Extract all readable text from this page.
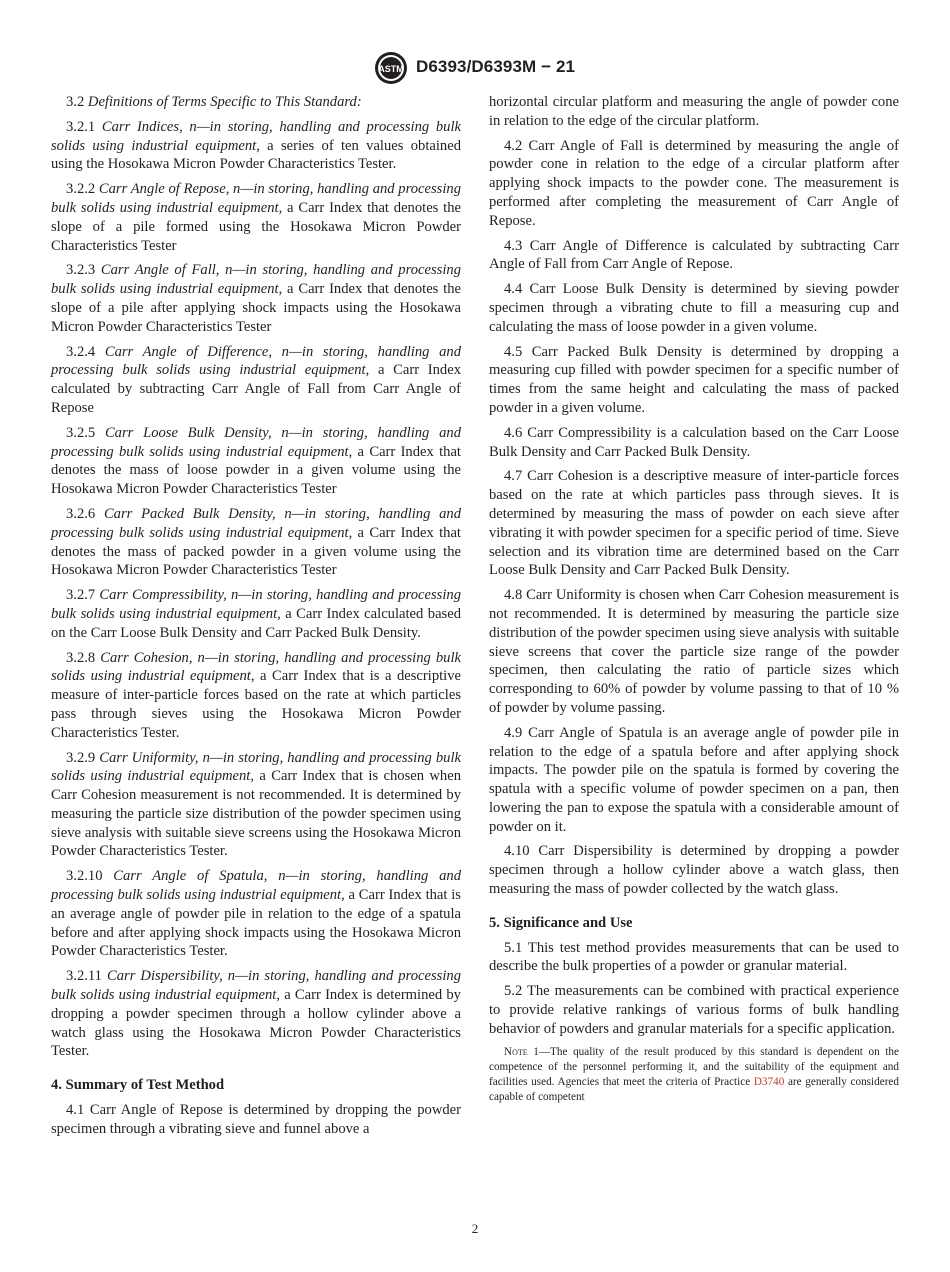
ASTM D6393/D6393M − 21

3.2 Definitions of Terms Specific to This Standard:

3.2.1 Carr Indices, n—in storing, handling and processing bulk solids using industrial equipment, a series of ten values obtained using the Hosokawa Micron Powder Characteristics Tester.

3.2.2 Carr Angle of Repose, n—in storing, handling and processing bulk solids using industrial equipment, a Carr Index that denotes the slope of a pile formed using the Hosokawa Micron Powder Characteristics Tester

3.2.3 Carr Angle of Fall, n—in storing, handling and processing bulk solids using industrial equipment, a Carr Index that denotes the slope of a pile after applying shock impacts using the Hosokawa Micron Powder Characteristics Tester

3.2.4 Carr Angle of Difference, n—in storing, handling and processing bulk solids using industrial equipment, a Carr Index calculated by subtracting Carr Angle of Fall from Carr Angle of Repose

3.2.5 Carr Loose Bulk Density, n—in storing, handling and processing bulk solids using industrial equipment, a Carr Index that denotes the mass of loose powder in a given volume using the Hosokawa Micron Powder Characteristics Tester

3.2.6 Carr Packed Bulk Density, n—in storing, handling and processing bulk solids using industrial equipment, a Carr Index that denotes the mass of packed powder in a given volume using the Hosokawa Micron Powder Characteristics Tester

3.2.7 Carr Compressibility, n—in storing, handling and processing bulk solids using industrial equipment, a Carr Index calculated based on the Carr Loose Bulk Density and Carr Packed Bulk Density.

3.2.8 Carr Cohesion, n—in storing, handling and processing bulk solids using industrial equipment, a Carr Index that is a descriptive measure of inter-particle forces based on the rate at which particles pass through sieves using the Hosokawa Micron Powder Characteristics Tester.

3.2.9 Carr Uniformity, n—in storing, handling and processing bulk solids using industrial equipment, a Carr Index that is chosen when Carr Cohesion measurement is not recommended. It is determined by measuring the particle size distribution of the powder specimen using sieve analysis with suitable sieve screens using the Hosokawa Micron Powder Characteristics Tester.

3.2.10 Carr Angle of Spatula, n—in storing, handling and processing bulk solids using industrial equipment, a Carr Index that is an average angle of powder pile in relation to the edge of a spatula before and after applying shock impacts using the Hosokawa Micron Powder Characteristics Tester.

3.2.11 Carr Dispersibility, n—in storing, handling and processing bulk solids using industrial equipment, a Carr Index is determined by dropping a powder specimen through a hollow cylinder above a watch glass using the Hosokawa Micron Powder Characteristics Tester.

4. Summary of Test Method

4.1 Carr Angle of Repose is determined by dropping the powder specimen through a vibrating sieve and funnel above a

horizontal circular platform and measuring the angle of powder cone in relation to the edge of the circular platform.

4.2 Carr Angle of Fall is determined by measuring the angle of powder cone in relation to the edge of a circular platform after applying shock impacts to the powder cone. The measurement is performed after completing the measurement of Carr Angle of Repose.

4.3 Carr Angle of Difference is calculated by subtracting Carr Angle of Fall from Carr Angle of Repose.

4.4 Carr Loose Bulk Density is determined by sieving powder specimen through a vibrating chute to fill a measuring cup and calculating the mass of loose powder in a given volume.

4.5 Carr Packed Bulk Density is determined by dropping a measuring cup filled with powder specimen for a specific number of times from the same height and calculating the mass of packed powder in a given volume.

4.6 Carr Compressibility is a calculation based on the Carr Loose Bulk Density and Carr Packed Bulk Density.

4.7 Carr Cohesion is a descriptive measure of inter-particle forces based on the rate at which particles pass through sieves. It is determined by measuring the mass of powder on each sieve after vibrating it with powder specimen for a specific period of time. Sieve selection and its vibration time are determined based on the Carr Loose Bulk Density and Carr Packed Bulk Density.

4.8 Carr Uniformity is chosen when Carr Cohesion measurement is not recommended. It is determined by measuring the particle size distribution of the powder specimen using sieve analysis with suitable sieve screens that cover the particle size range of the powder specimen, then calculating the ratio of particle sizes which corresponding to 60% of powder by volume passing to that of 10 % of powder by volume passing.

4.9 Carr Angle of Spatula is an average angle of powder pile in relation to the edge of a spatula before and after applying shock impacts. The powder pile on the spatula is formed by covering the spatula with a specific volume of powder specimen on a pan, then lowering the pan to expose the spatula with a considerable amount of powder on it.

4.10 Carr Dispersibility is determined by dropping a powder specimen through a hollow cylinder above a watch glass, then measuring the mass of powder collected by the watch glass.

5. Significance and Use

5.1 This test method provides measurements that can be used to describe the bulk properties of a powder or granular material.

5.2 The measurements can be combined with practical experience to provide relative rankings of various forms of bulk handling behavior of powders and granular materials for a specific application.

Note 1—The quality of the result produced by this standard is dependent on the competence of the personnel performing it, and the suitability of the equipment and facilities used. Agencies that meet the criteria of Practice D3740 are generally considered capable of competent

2
